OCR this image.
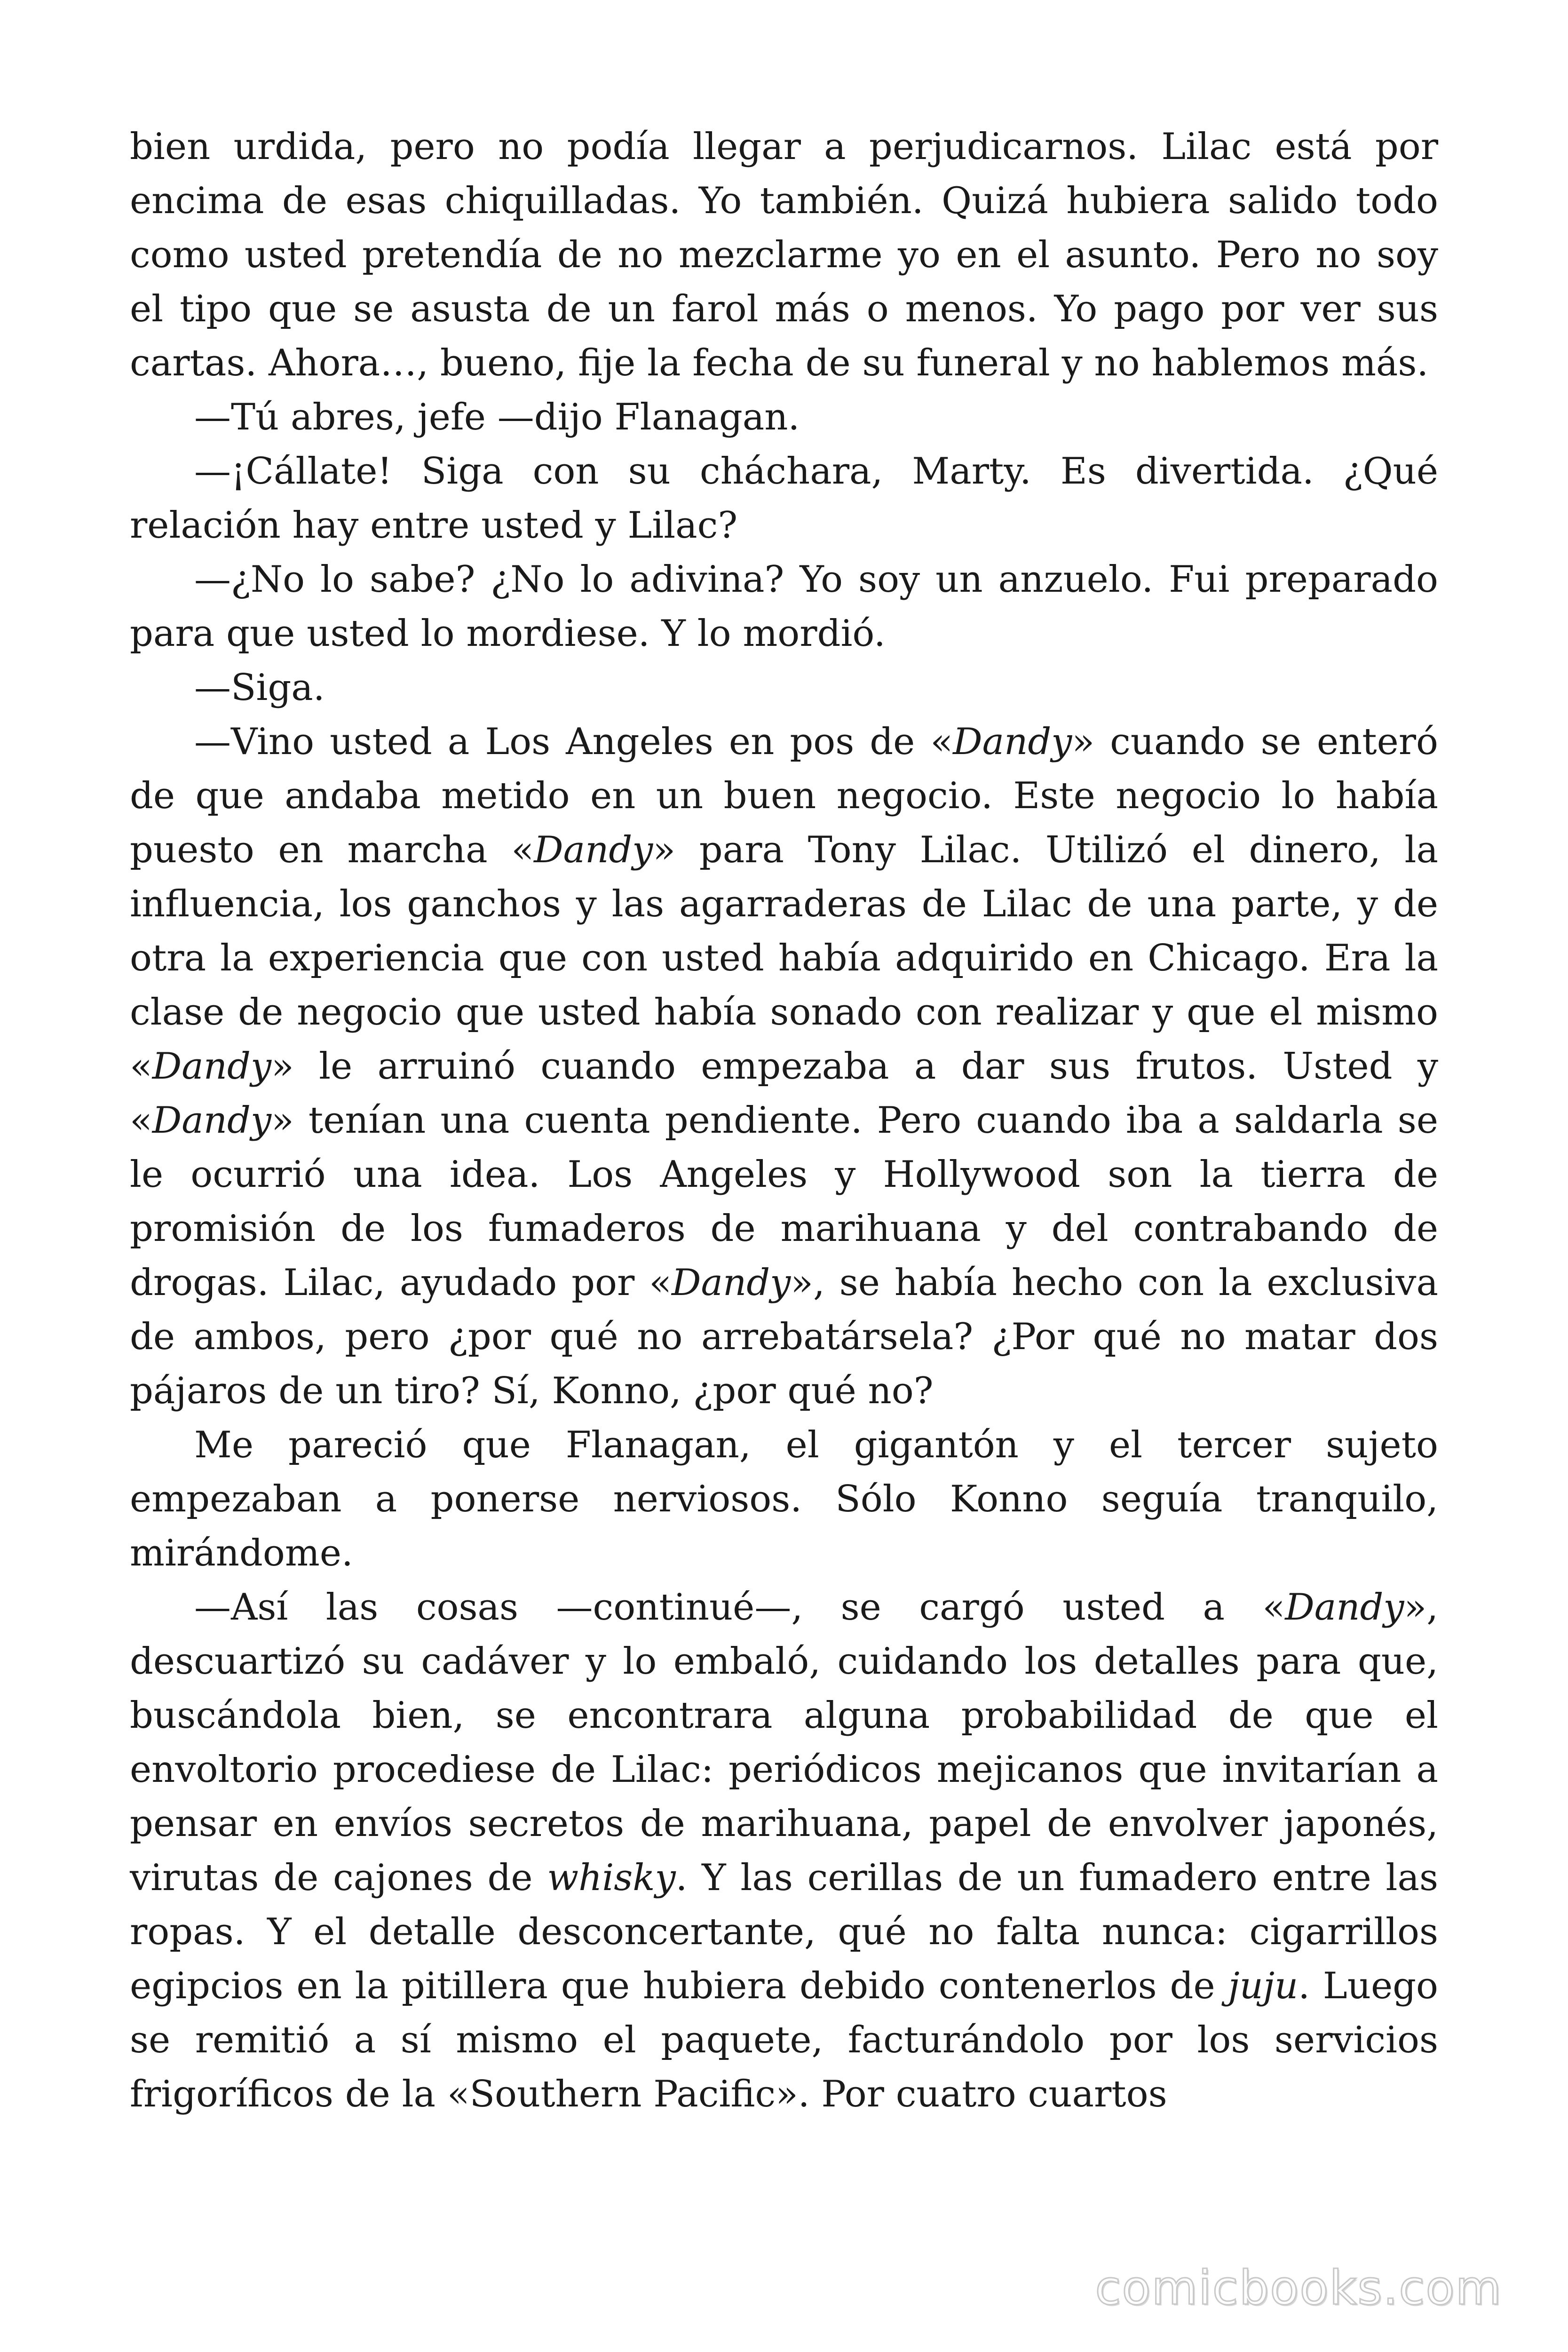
bien urdida, pero no podía llegar a perjudicarnos. Lilac está por encima de esas chiquilladas. Yo también. Quizá hubiera salido todo como usted pretendía de no mezclarme yo en el asunto. Pero no soy el tipo que se asusta de un farol más o menos. Yo pago por ver sus cartas. Ahora…, bueno, fije la fecha de su funeral y no hablemos más.

—Tú abres, jefe —dijo Flanagan.

—¡Cállate! Siga con su cháchara, Marty. Es divertida. ¿Qué relación hay entre usted y Lilac?

—¿No lo sabe? ¿No lo adivina? Yo soy un anzuelo. Fui preparado para que usted lo mordiese. Y lo mordió.

—Siga.

—Vino usted a Los Angeles en pos de «Dandy» cuando se enteró de que andaba metido en un buen negocio. Este negocio lo había puesto en marcha «Dandy» para Tony Lilac. Utilizó el dinero, la influencia, los ganchos y las agarraderas de Lilac de una parte, y de otra la experiencia que con usted había adquirido en Chicago. Era la clase de negocio que usted había sonado con realizar y que el mismo «Dandy» le arruinó cuando empezaba a dar sus frutos. Usted y «Dandy» tenían una cuenta pendiente. Pero cuando iba a saldarla se le ocurrió una idea. Los Angeles y Hollywood son la tierra de promisión de los fumaderos de marihuana y del contrabando de drogas. Lilac, ayudado por «Dandy», se había hecho con la exclusiva de ambos, pero ¿por qué no arrebatársela? ¿Por qué no matar dos pájaros de un tiro? Sí, Konno, ¿por qué no?

Me pareció que Flanagan, el gigantón y el tercer sujeto empezaban a ponerse nerviosos. Sólo Konno seguía tranquilo, mirándome.

—Así las cosas —continué—, se cargó usted a «Dandy», descuartizó su cadáver y lo embaló, cuidando los detalles para que, buscándola bien, se encontrara alguna probabilidad de que el envoltorio procediese de Lilac: periódicos mejicanos que invitarían a pensar en envíos secretos de marihuana, papel de envolver japonés, virutas de cajones de whisky. Y las cerillas de un fumadero entre las ropas. Y el detalle desconcertante, qué no falta nunca: cigarrillos egipcios en la pitillera que hubiera debido contenerlos de juju. Luego se remitió a sí mismo el paquete, facturándolo por los servicios frigoríficos de la «Southern Pacific». Por cuatro cuartos

comicbooks.com
